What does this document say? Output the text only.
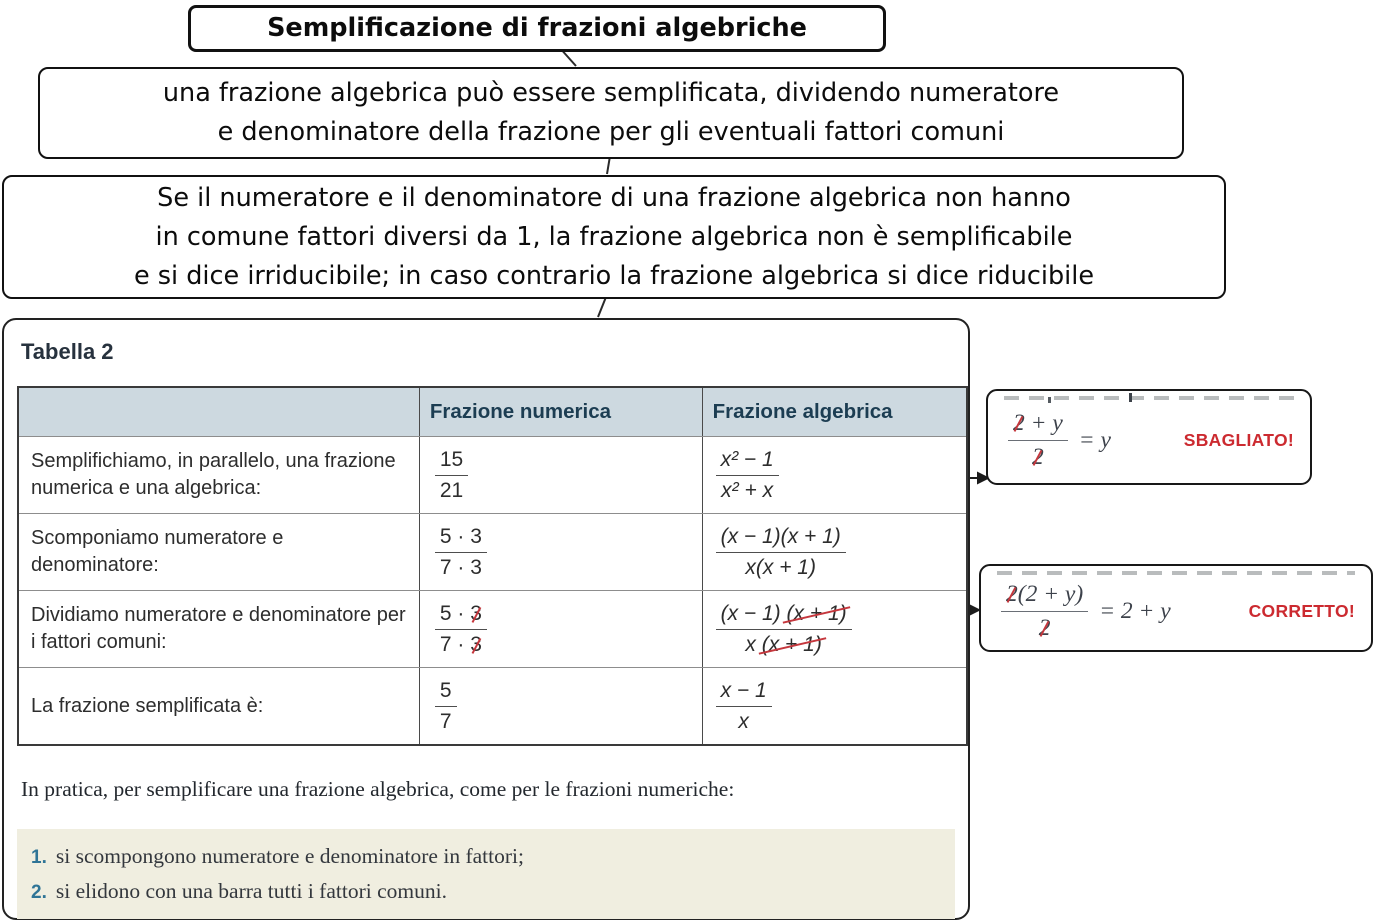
Semplificazione di frazioni algebriche
una frazione algebrica può essere semplificata, dividendo numeratore
e denominatore della frazione per gli eventuali fattori comuni
Se il numeratore e il denominatore di una frazione algebrica non hanno
in comune fattori diversi da 1, la frazione algebrica non è semplificabile
e si dice irriducibile; in caso contrario la frazione algebrica si dice riducibile
Tabella 2
	Frazione numerica	Frazione algebrica
Semplifichiamo, in parallelo, una frazione numerica e una algebrica:	$\frac{15}{21}$	$\frac{\text{x² − 1}}{\text{x² + x}}$

Scomponiamo numeratore e denominatore:	$\frac{5 \cdot 3}{7 \cdot 3}$	$\frac{(x - 1)(x + 1)}{x(x + 1)}$

Dividiamo numeratore e denominatore per i fattori comuni:	$\frac{5 \cdot 3}{7 \cdot 3}$	$\frac{(x - 1) (x + 1)}{x (x + 1)}$

La frazione semplificata è:	$\frac{5}{7}$	$\frac{x - 1}{x}$
In pratica, per semplificare una frazione algebrica, come per le frazioni numeriche:
1. si scompongono numeratore e denominatore in fattori;
2. si elidono con una barra tutti i fattori comuni.
$\frac{2 + y}{2} = y$	SBAGLIATO!
$\frac{2(2 + y)}{2} = 2 + y$	CORRETTO!
